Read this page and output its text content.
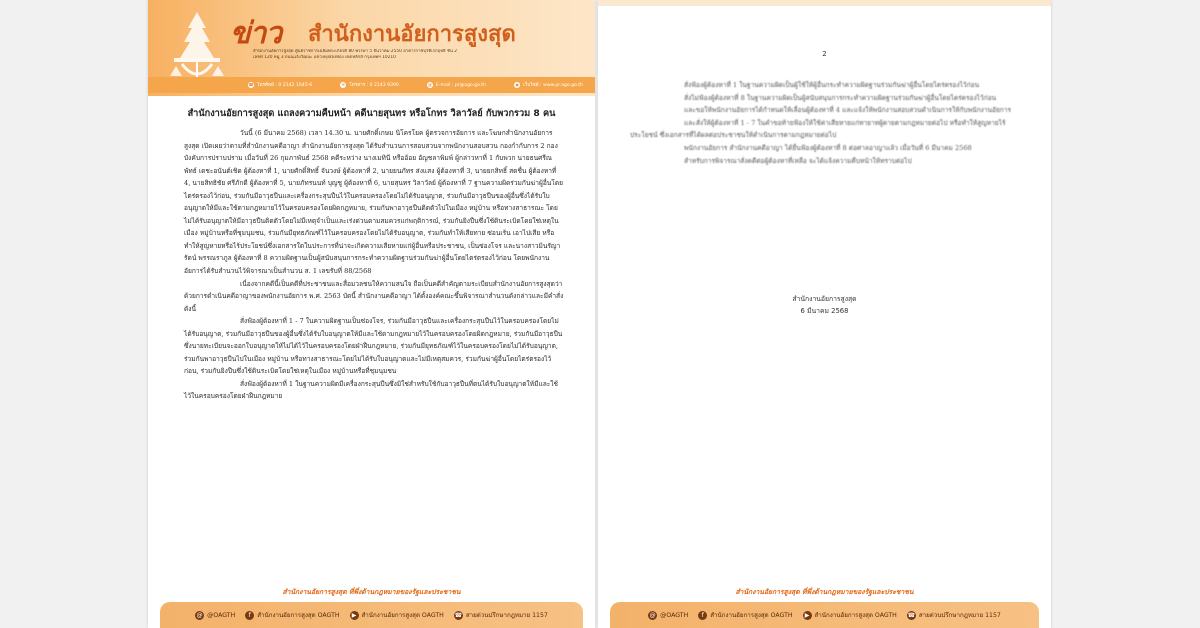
ข่าว สำนักงานอัยการสูงสุด
สำนักงานอัยการสูงสุด ศูนย์ราชการเฉลิมพระเกียรติ 80 พรรษา 5 ธันวาคม 2550 อาคารราชบุรีดิเรกฤทธิ์ ชั้น 2
เลขที่ 120 หมู่ 3 ถนนแจ้งวัฒนะ แขวงทุ่งสองห้อง เขตหลักสี่ กรุงเทพฯ 10210
☎ โทรศัพท์ : 0 2142 1645-6	✉ โทรสาร : 0 2143 9390	@ E-mail : pr@ago.go.th	◉ เว็บไซต์ : www.pr.ago.go.th
สำนักงานอัยการสูงสุด แถลงความคืบหน้า คดีนายสุนทร หรือโกทร วิลาวัลย์ กับพวกรวม 8 คน

วันนี้ (6 มีนาคม 2568) เวลา 14.30 น. นายศักดิ์เกษม นิโครโยค ผู้ตรวจการอัยการ และโฆษกสำนักงานอัยการสูงสุด เปิดเผยว่าตามที่สำนักงานคดีอาญา สำนักงานอัยการสูงสุด ได้รับสำนวนการสอบสวนจากพนักงานสอบสวน กองกำกับการ 2 กองบังคับการปราบปราม เมื่อวันที่ 26 กุมภาพันธ์ 2568 คดีระหว่าง นางเมทินี หรืออ้อย อัญชลาพิมพ์ ผู้กล่าวหาที่ 1 กับพวก นายธนศรีณพัทธ์ เดชะอนันต์เชิด ผู้ต้องหาที่ 1, นายศักดิ์สิทธิ์ จันวงษ์ ผู้ต้องหาที่ 2, นายยนภัทร ส่งแสง ผู้ต้องหาที่ 3, นายยกสิทธิ์ สดชื่น ผู้ต้องหาที่ 4, นายสิทธิชัย ศรีภักดี ผู้ต้องหาที่ 5, นายภัทรนนท์ บุญชู ผู้ต้องหาที่ 6, นายสุนทร วิลาวัลย์ ผู้ต้องหาที่ 7 ฐานความผิดร่วมกันฆ่าผู้อื่นโดยไตร่ตรองไว้ก่อน, ร่วมกันมีอาวุธปืนและเครื่องกระสุนปืนไว้ในครอบครองโดยไม่ได้รับอนุญาต, ร่วมกันมีอาวุธปืนของผู้อื่นซึ่งได้รับใบอนุญาตให้มีและใช้ตามกฎหมายไว้ในครอบครองโดยผิดกฎหมาย, ร่วมกันพาอาวุธปืนติดตัวไปในเมือง หมู่บ้าน หรือทางสาธารณะ โดยไม่ได้รับอนุญาตให้มีอาวุธปืนติดตัวโดยไม่มีเหตุจำเป็นและเร่งด่วนตามสมควรแก่พฤติการณ์, ร่วมกันยิงปืนซึ่งใช้ดินระเบิดโดยใช่เหตุในเมือง หมู่บ้านหรือที่ชุมนุมชน, ร่วมกันมียุทธภัณฑ์ไว้ในครอบครองโดยไม่ได้รับอนุญาต, ร่วมกันทำให้เสียทาย ซ่อนเร้น เอาไปเสีย หรือทำให้สูญหายหรือไร้ประโยชน์ซึ่งเอกสารใดในประการที่น่าจะเกิดความเสียหายแก่ผู้อื่นหรือประชาชน, เป็นซ่องโจร และนางสาวมินรัญารัตน์ พรรณราภูล ผู้ต้องหาที่ 8 ความผิดฐานเป็นผู้สนับสนุนการกระทำความผิดฐานร่วมกันฆ่าผู้อื่นโดยไตร่ตรองไว้ก่อน โดยพนักงานอัยการได้รับสำนวนไว้พิจารณาเป็นสำนวน ส. 1 เลขรับที่ 88/2568

เนื่องจากคดีนี้เป็นคดีที่ประชาชนและสื่อมวลชนให้ความสนใจ ถือเป็นคดีสำคัญตามระเบียบสำนักงานอัยการสูงสุดว่าด้วยการดำเนินคดีอาญาของพนักงานอัยการ พ.ศ. 2563 บัดนี้ สำนักงานคดีอาญา ได้ตั้งองค์คณะขึ้นพิจารณาสำนวนดังกล่าวและมีคำสั่งดังนี้

สั่งฟ้องผู้ต้องหาที่ 1 - 7 ในความผิดฐานเป็นซ่องโจร, ร่วมกันมีอาวุธปืนและเครื่องกระสุนปืนไว้ในครอบครองโดยไม่ได้รับอนุญาต, ร่วมกันมีอาวุธปืนของผู้อื่นซึ่งได้รับใบอนุญาตให้มีและใช้ตามกฎหมายไว้ในครอบครองโดยผิดกฎหมาย, ร่วมกันมีอาวุธปืนซึ่งนายทะเบียนจะออกใบอนุญาตให้ไม่ได้ไว้ในครอบครองโดยฝ่าฝืนกฎหมาย, ร่วมกันมียุทธภัณฑ์ไว้ในครอบครองโดยไม่ได้รับอนุญาต, ร่วมกันพาอาวุธปืนไปในเมือง หมู่บ้าน หรือทางสาธารณะโดยไม่ได้รับใบอนุญาตและไม่มีเหตุสมควร, ร่วมกันฆ่าผู้อื่นโดยไตร่ตรองไว้ก่อน, ร่วมกันยิงปืนซึ่งใช้ดินระเบิดโดยใช่เหตุในเมือง หมู่บ้านหรือที่ชุมนุมชน

สั่งฟ้องผู้ต้องหาที่ 1 ในฐานความผิดมีเครื่องกระสุนปืนซึ่งมิใช่สำหรับใช้กับอาวุธปืนที่ตนได้รับใบอนุญาตให้มีและใช้ไว้ในครอบครองโดยฝ่าฝืนกฎหมาย

สำนักงานอัยการสูงสุด ที่พึ่งด้านกฎหมายของรัฐและประชาชน
@ @OAGTH	f	สำนักงานอัยการสูงสุด OAGTH	▶ สำนักงานอัยการสูงสุด OAGTH ☎ สายด่วนปรึกษากฎหมาย 1157
2

สั่งฟ้องผู้ต้องหาที่ 1 ในฐานความผิดเป็นผู้ใช้ให้ผู้อื่นกระทำความผิดฐานร่วมกันฆ่าผู้อื่นโดยไตร่ตรองไว้ก่อน

สั่งไม่ฟ้องผู้ต้องหาที่ 8 ในฐานความผิดเป็นผู้สนับสนุนการกระทำความผิดฐานร่วมกันฆ่าผู้อื่นโดยไตร่ตรองไว้ก่อน

และขอให้พนักงานอัยการได้กำหนดให้เลื่อนผู้ต้องหาที่ 4 และแจ้งให้พนักงานสอบสวนดำเนินการให้กับพนักงานอัยการ

และสั่งให้ผู้ต้องหาที่ 1 - 7 ในคำขอท้ายฟ้องให้ใช้ค่าเสียหายแก่ทายาทผู้ตายตามกฎหมายต่อไป หรือทำให้สูญหายไร้ประโยชน์ ซึ่งเอกสารที่ได้ผลต่อประชาชนให้ดำเนินการตามกฎหมายต่อไป

พนักงานอัยการ สำนักงานคดีอาญา ได้ยื่นฟ้องผู้ต้องหาที่ 8 ต่อศาลอาญาแล้ว เมื่อวันที่ 6 มีนาคม 2568

สำหรับการพิจารณาสั่งคดีต่อผู้ต้องหาที่เหลือ จะได้แจ้งความคืบหน้าให้ทราบต่อไป

สำนักงานอัยการสูงสุด
6 มีนาคม 2568
สำนักงานอัยการสูงสุด ที่พึ่งด้านกฎหมายของรัฐและประชาชน
@ @OAGTH	f	สำนักงานอัยการสูงสุด OAGTH	▶ สำนักงานอัยการสูงสุด OAGTH ☎ สายด่วนปรึกษากฎหมาย 1157
